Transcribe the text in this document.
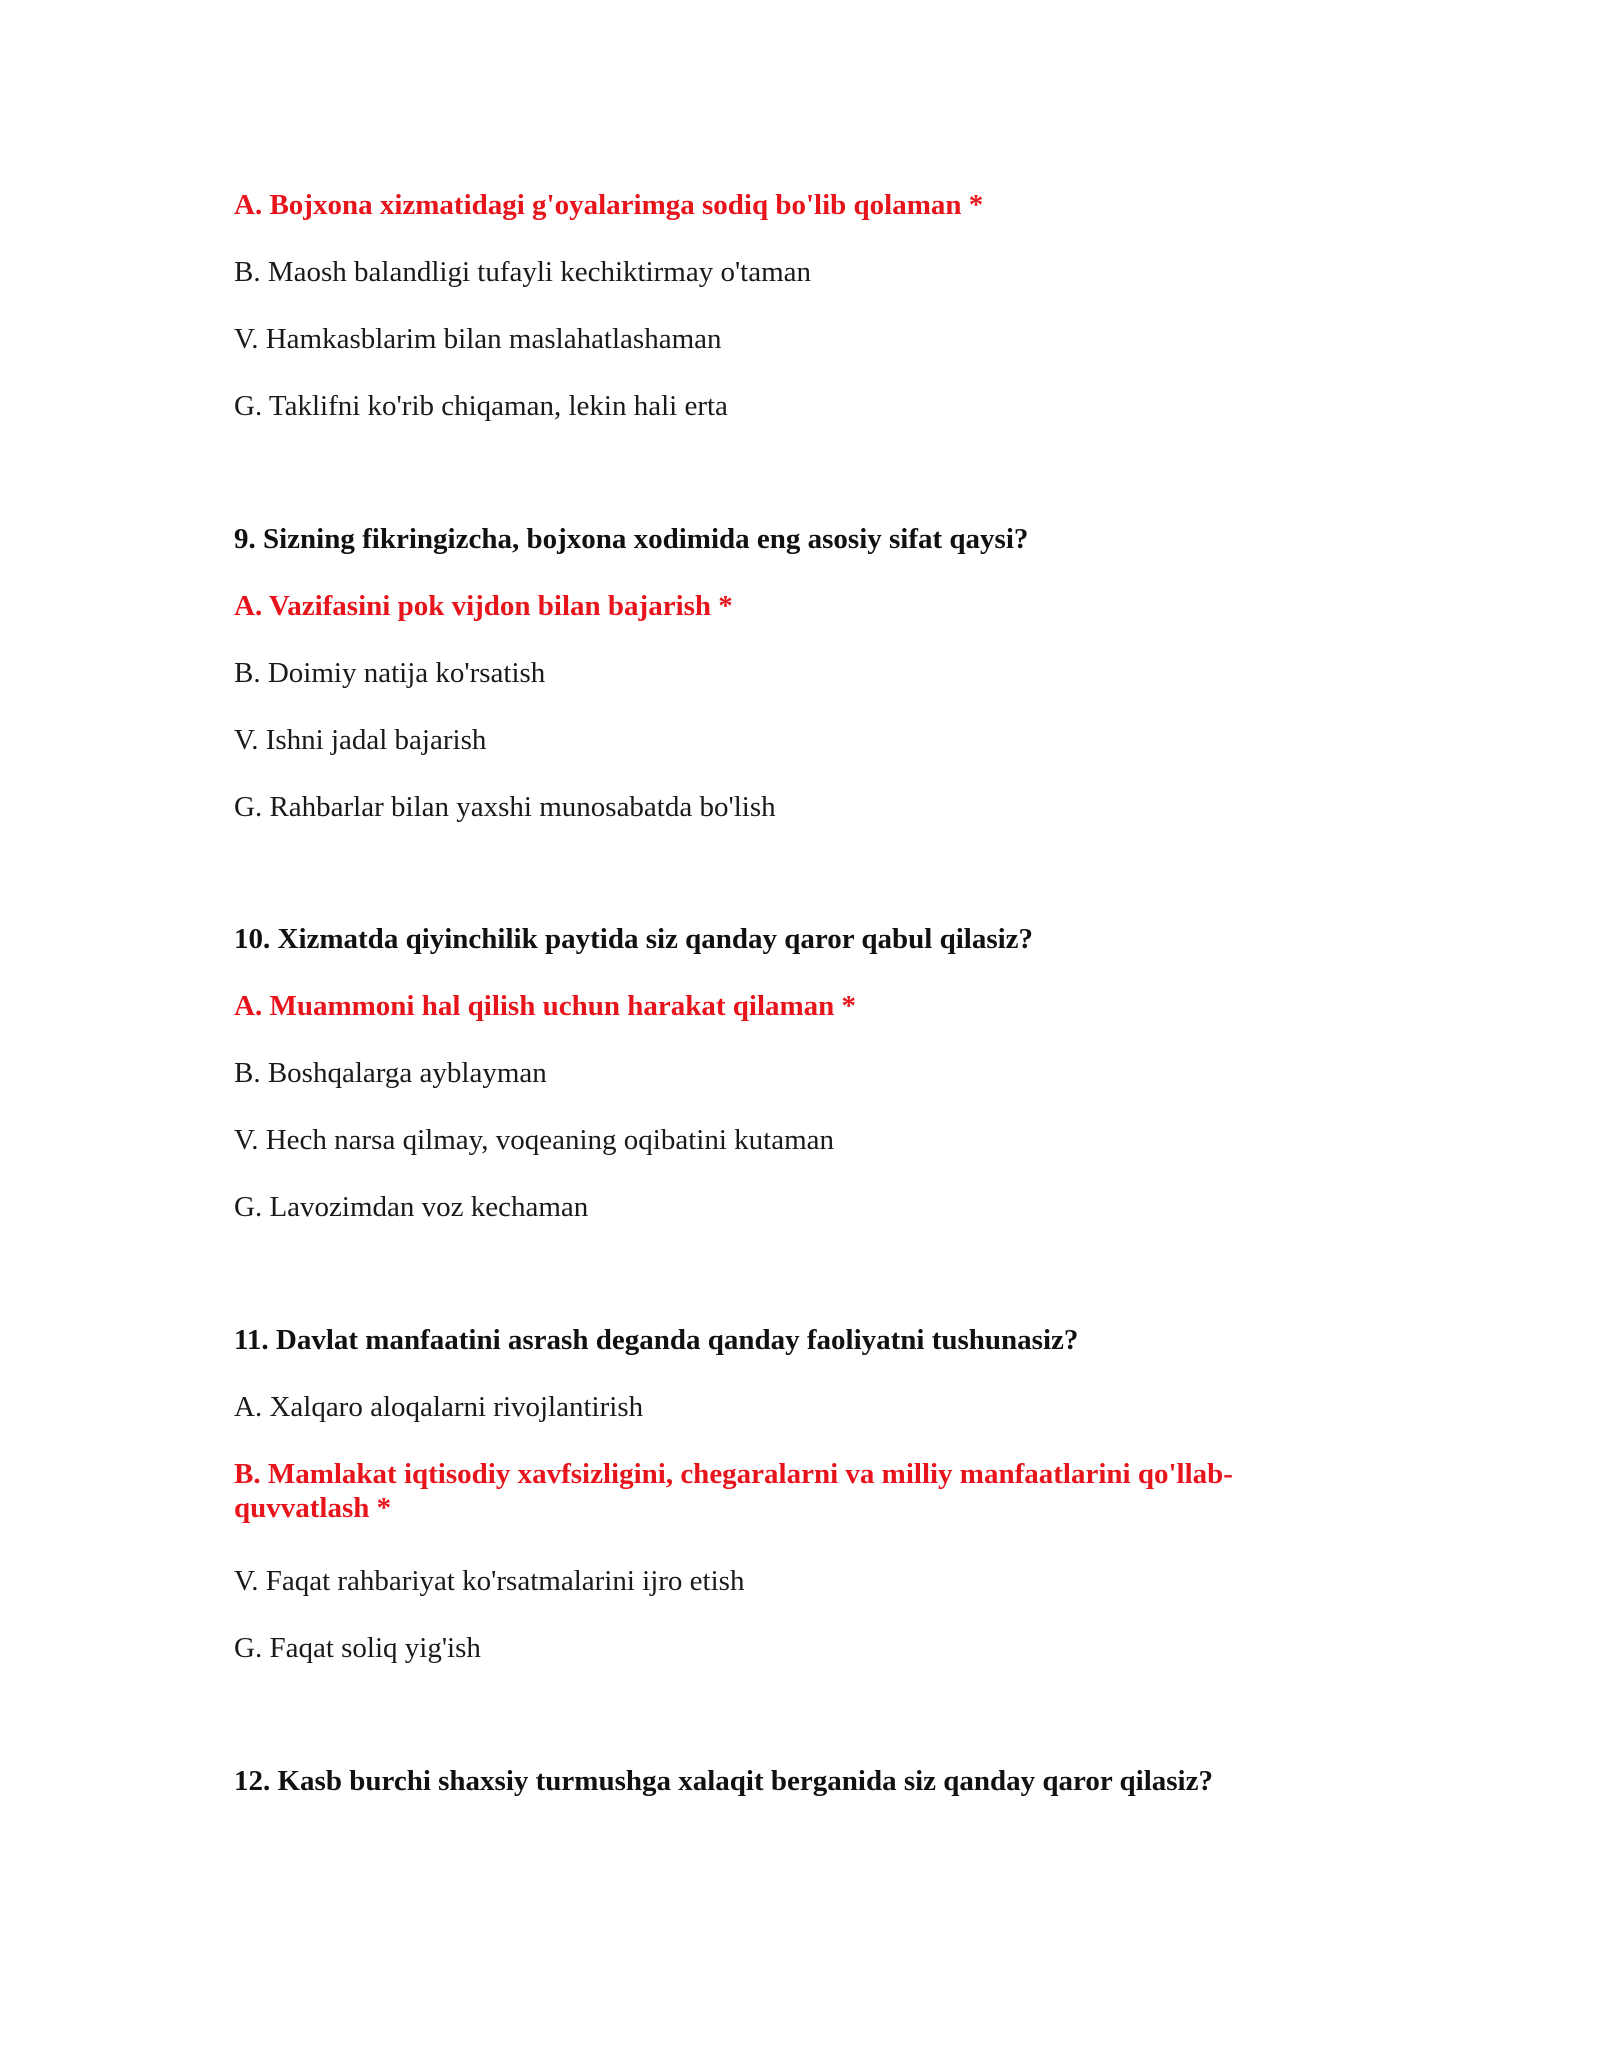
A. Bojxona xizmatidagi g'oyalarimga sodiq bo'lib qolaman *
B. Maosh balandligi tufayli kechiktirmay o'taman
V. Hamkasblarim bilan maslahatlashaman
G. Taklifni ko'rib chiqaman, lekin hali erta
9. Sizning fikringizcha, bojxona xodimida eng asosiy sifat qaysi?
A. Vazifasini pok vijdon bilan bajarish *
B. Doimiy natija ko'rsatish
V. Ishni jadal bajarish
G. Rahbarlar bilan yaxshi munosabatda bo'lish
10. Xizmatda qiyinchilik paytida siz qanday qaror qabul qilasiz?
A. Muammoni hal qilish uchun harakat qilaman *
B. Boshqalarga ayblayman
V. Hech narsa qilmay, voqeaning oqibatini kutaman
G. Lavozimdan voz kechaman
11. Davlat manfaatini asrash deganda qanday faoliyatni tushunasiz?
A. Xalqaro aloqalarni rivojlantirish
B. Mamlakat iqtisodiy xavfsizligini, chegaralarni va milliy manfaatlarini qo'llab-quvvatlash *
V. Faqat rahbariyat ko'rsatmalarini ijro etish
G. Faqat soliq yig'ish
12. Kasb burchi shaxsiy turmushga xalaqit berganida siz qanday qaror qilasiz?
